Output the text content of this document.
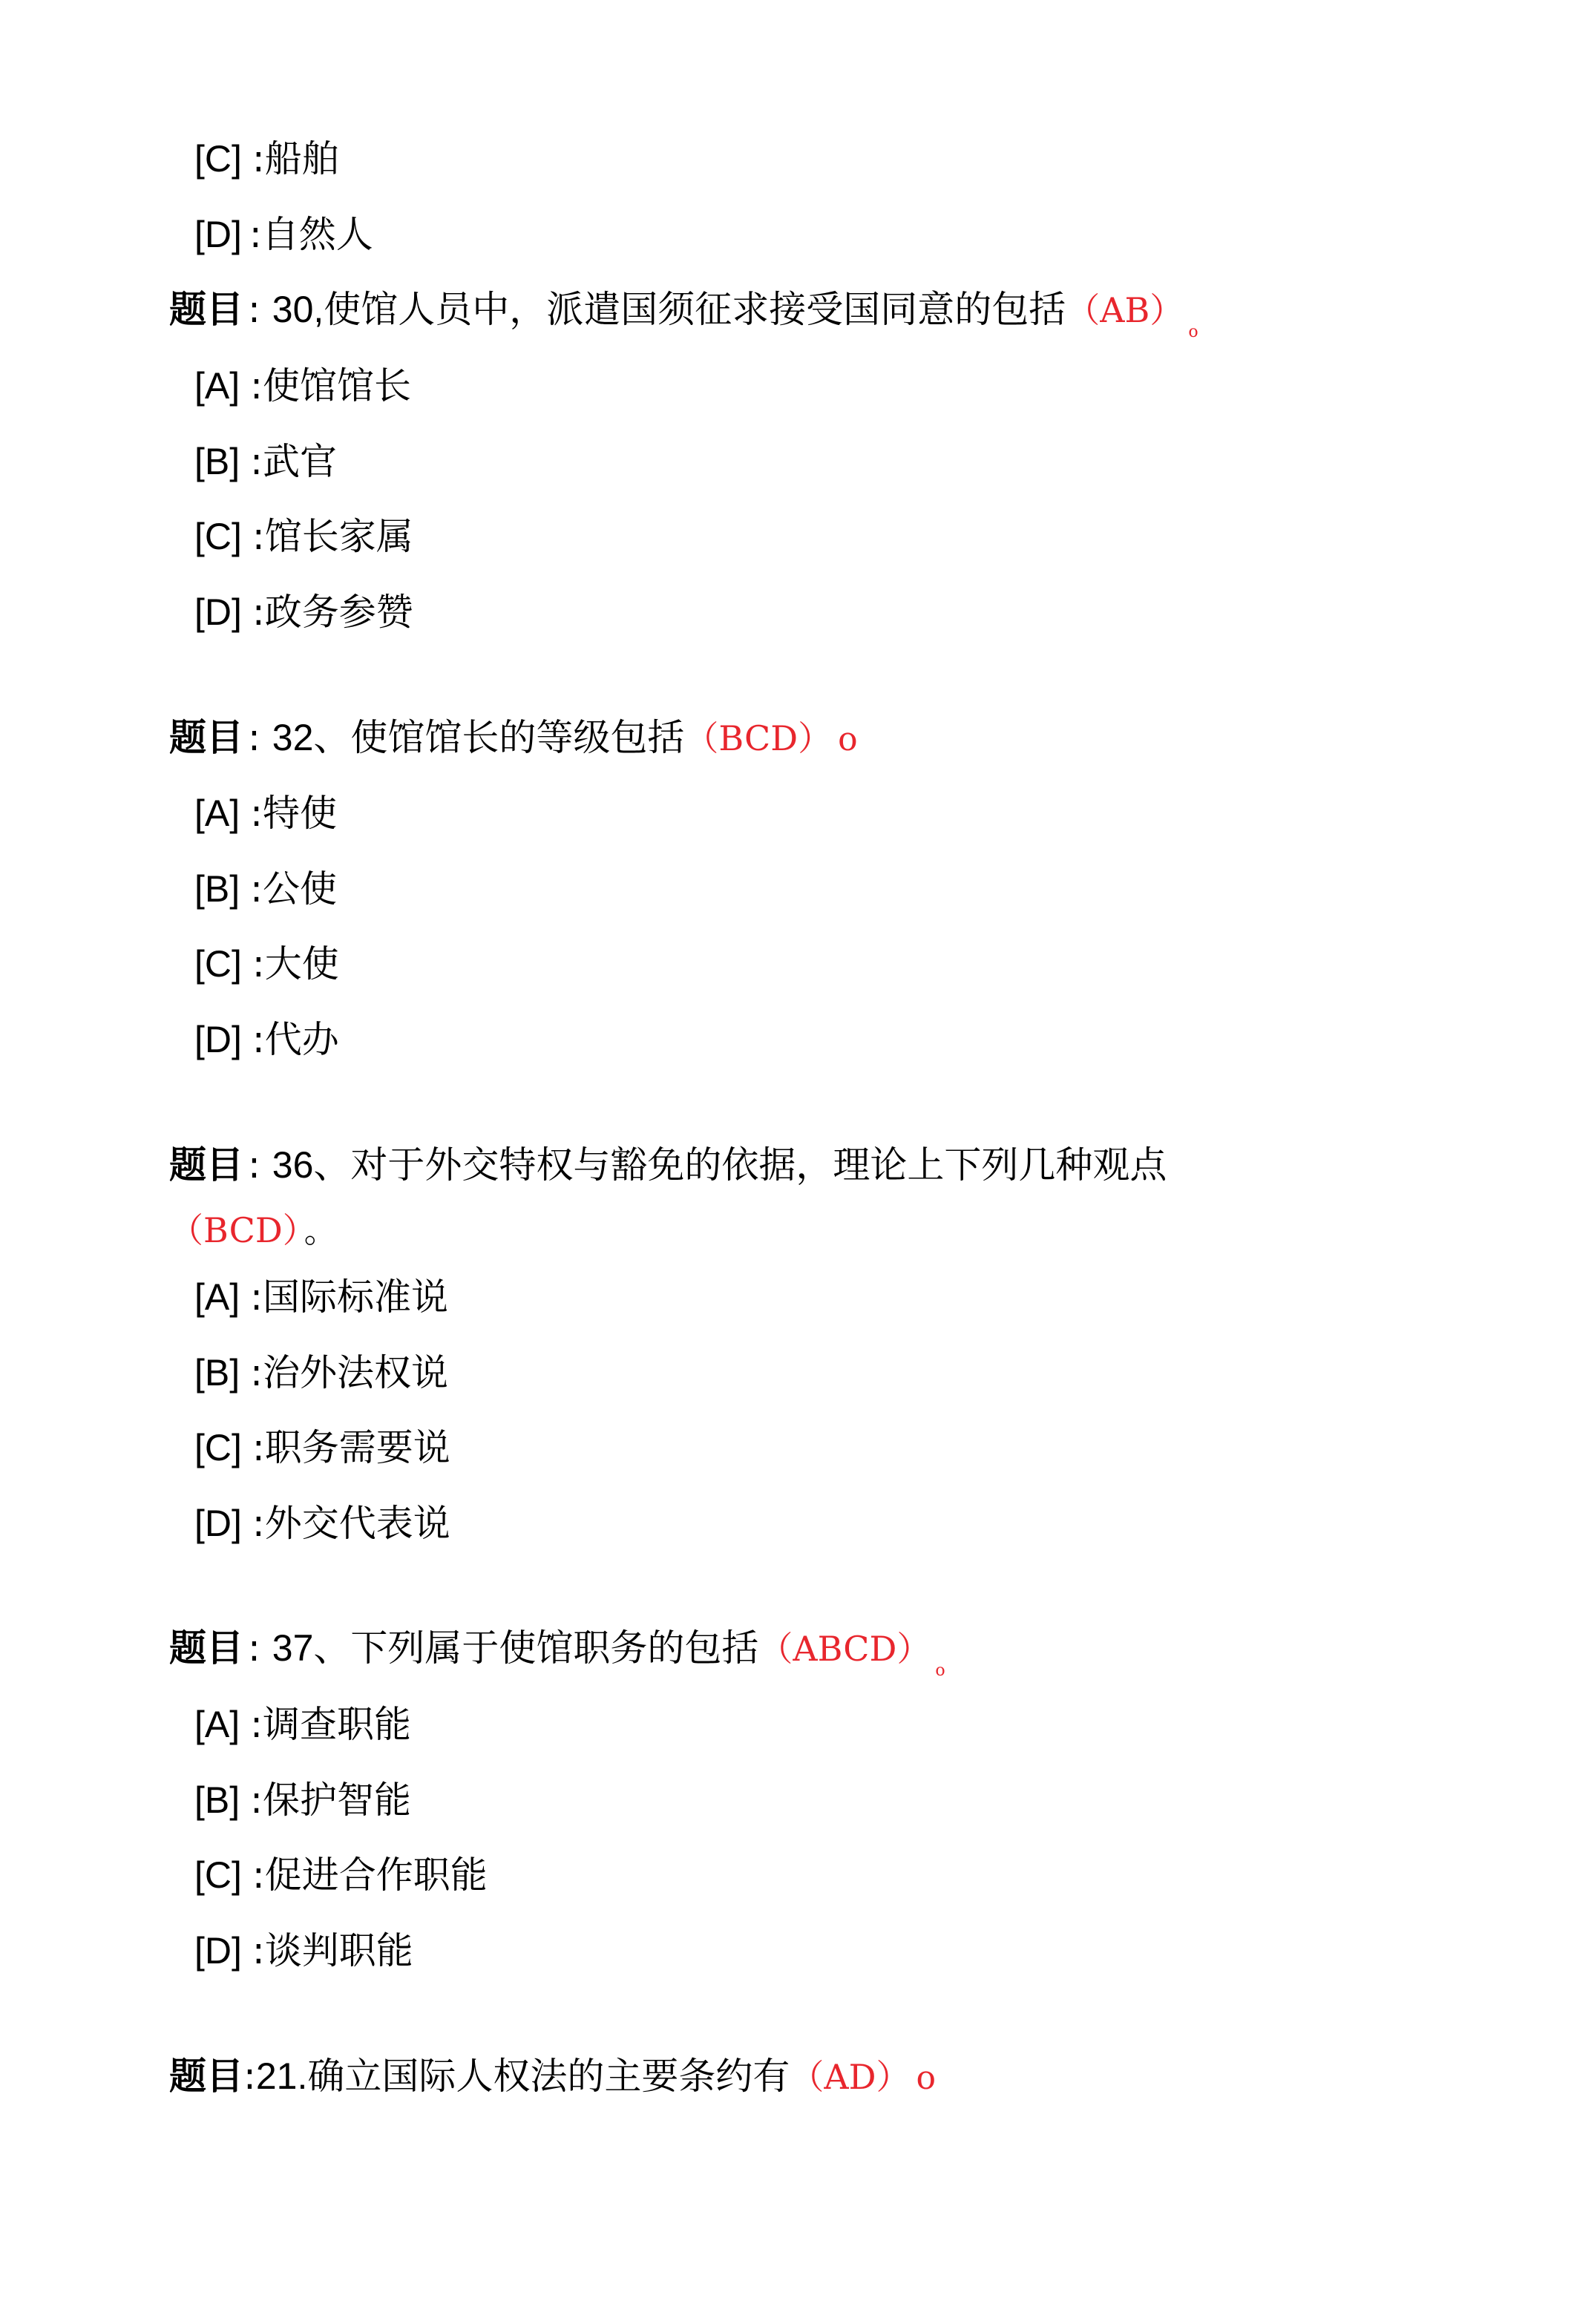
[C] :船舶
[D] :自然人
题目 : 30,使馆人员中，派遣国须征求接受国同意的包括$(AB)_o$
[A] :使馆馆长
[B] :武官
[C] :馆长家属
[D] :政务参赞
题目 : 32、使馆馆长的等级包括（BCD） o
[A] :特使
[B] :公使
[C] :大使
[D] :代办
题目 : 36、对于外交特权与豁免的依据，理论上下列几种观点
（BCD） 。
[A] :国际标准说
[B] :治外法权说
[C] :职务需要说
[D] :外交代表说
题目 : 37、下列属于使馆职务的包括$(ABCD)_o$
[A] :调查职能
[B] :保护智能
[C] :促进合作职能
[D] :谈判职能
题目:21.确立国际人权法的主要条约有（AD） o
